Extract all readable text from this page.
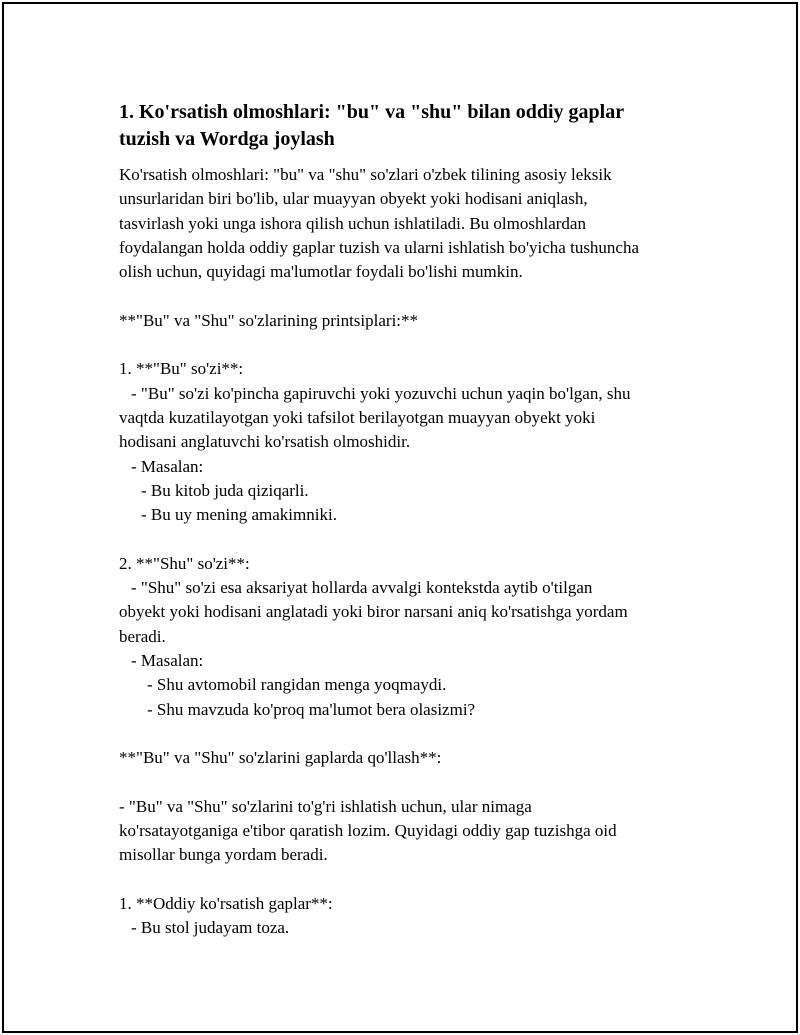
1. Ko'rsatish olmoshlari: "bu" va "shu" bilan oddiy gaplar
tuzish va Wordga joylash
Ko'rsatish olmoshlari: "bu" va "shu" so'zlari o'zbek tilining asosiy leksik
unsurlaridan biri bo'lib, ular muayyan obyekt yoki hodisani aniqlash,
tasvirlash yoki unga ishora qilish uchun ishlatiladi. Bu olmoshlardan
foydalangan holda oddiy gaplar tuzish va ularni ishlatish bo'yicha tushuncha
olish uchun, quyidagi ma'lumotlar foydali bo'lishi mumkin.
**"Bu" va "Shu" so'zlarining printsiplari:**
1. **"Bu" so'zi**:
- "Bu" so'zi ko'pincha gapiruvchi yoki yozuvchi uchun yaqin bo'lgan, shu
vaqtda kuzatilayotgan yoki tafsilot berilayotgan muayyan obyekt yoki
hodisani anglatuvchi ko'rsatish olmoshidir.
- Masalan:
- Bu kitob juda qiziqarli.
- Bu uy mening amakimniki.
2. **"Shu" so'zi**:
- "Shu" so'zi esa aksariyat hollarda avvalgi kontekstda aytib o'tilgan
obyekt yoki hodisani anglatadi yoki biror narsani aniq ko'rsatishga yordam
beradi.
- Masalan:
- Shu avtomobil rangidan menga yoqmaydi.
- Shu mavzuda ko'proq ma'lumot bera olasizmi?
**"Bu" va "Shu" so'zlarini gaplarda qo'llash**:
- "Bu" va "Shu" so'zlarini to'g'ri ishlatish uchun, ular nimaga
ko'rsatayotganiga e'tibor qaratish lozim. Quyidagi oddiy gap tuzishga oid
misollar bunga yordam beradi.
1. **Oddiy ko'rsatish gaplar**:
- Bu stol judayam toza.
